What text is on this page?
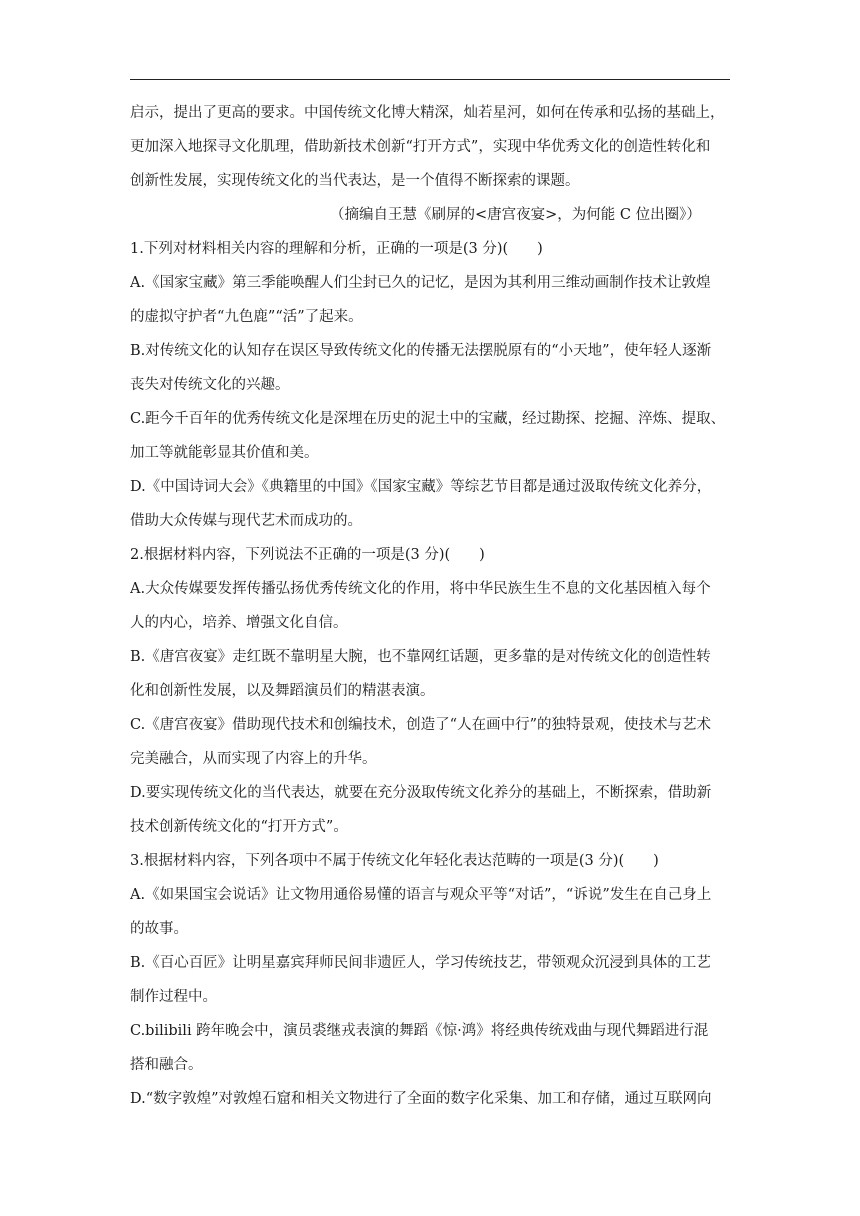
启示，提出了更高的要求。中国传统文化博大精深，灿若星河，如何在传承和弘扬的基础上，
更加深入地探寻文化肌理，借助新技术创新“打开方式”，实现中华优秀文化的创造性转化和
创新性发展，实现传统文化的当代表达，是一个值得不断探索的课题。
（摘编自王慧《刷屏的<唐宫夜宴>，为何能 C 位出圈》）
1.下列对材料相关内容的理解和分析，正确的一项是(3 分)(　　)
A.《国家宝藏》第三季能唤醒人们尘封已久的记忆，是因为其利用三维动画制作技术让敦煌
的虚拟守护者“九色鹿”“活”了起来。
B.对传统文化的认知存在误区导致传统文化的传播无法摆脱原有的“小天地”，使年轻人逐渐
丧失对传统文化的兴趣。
C.距今千百年的优秀传统文化是深埋在历史的泥土中的宝藏，经过勘探、挖掘、淬炼、提取、
加工等就能彰显其价值和美。
D.《中国诗词大会》《典籍里的中国》《国家宝藏》等综艺节目都是通过汲取传统文化养分，
借助大众传媒与现代艺术而成功的。
2.根据材料内容，下列说法不正确的一项是(3 分)(　　)
A.大众传媒要发挥传播弘扬优秀传统文化的作用，将中华民族生生不息的文化基因植入每个
人的内心，培养、增强文化自信。
B.《唐宫夜宴》走红既不靠明星大腕，也不靠网红话题，更多靠的是对传统文化的创造性转
化和创新性发展，以及舞蹈演员们的精湛表演。
C.《唐宫夜宴》借助现代技术和创编技术，创造了“人在画中行”的独特景观，使技术与艺术
完美融合，从而实现了内容上的升华。
D.要实现传统文化的当代表达，就要在充分汲取传统文化养分的基础上，不断探索，借助新
技术创新传统文化的“打开方式”。
3.根据材料内容，下列各项中不属于传统文化年轻化表达范畴的一项是(3 分)(　　)
A.《如果国宝会说话》让文物用通俗易懂的语言与观众平等“对话”，“诉说”发生在自己身上
的故事。
B.《百心百匠》让明星嘉宾拜师民间非遗匠人，学习传统技艺，带领观众沉浸到具体的工艺
制作过程中。
C.bilibili 跨年晚会中，演员裘继戎表演的舞蹈《惊·鸿》将经典传统戏曲与现代舞蹈进行混
搭和融合。
D.“数字敦煌”对敦煌石窟和相关文物进行了全面的数字化采集、加工和存储，通过互联网向
